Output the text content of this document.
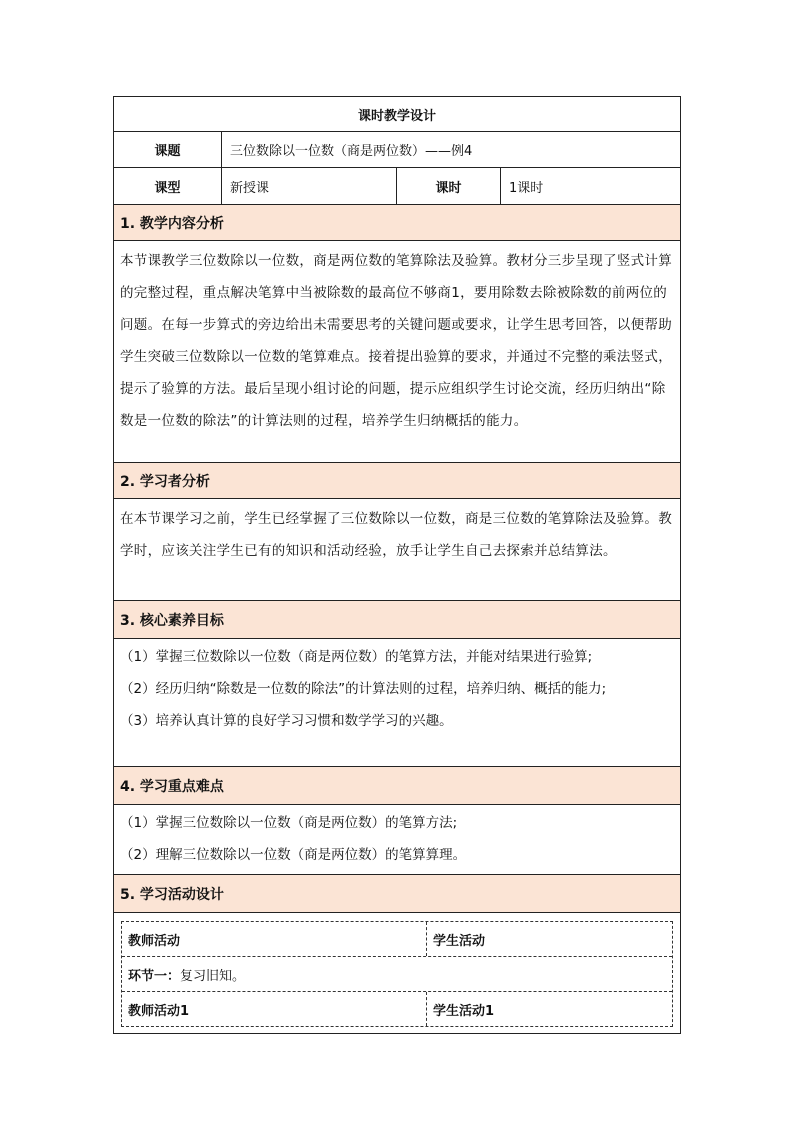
课时教学设计
课题	三位数除以一位数（商是两位数）——例4
课型	新授课	课时	1课时
1. 教学内容分析

本节课教学三位数除以一位数，商是两位数的笔算除法及验算。教材分三步呈现了竖式计算的完整过程，重点解决笔算中当被除数的最高位不够商1，要用除数去除被除数的前两位的问题。在每一步算式的旁边给出未需要思考的关键问题或要求，让学生思考回答，以便帮助学生突破三位数除以一位数的笔算难点。接着提出验算的要求，并通过不完整的乘法竖式，提示了验算的方法。最后呈现小组讨论的问题，提示应组织学生讨论交流，经历归纳出“除数是一位数的除法”的计算法则的过程，培养学生归纳概括的能力。

2. 学习者分析

在本节课学习之前，学生已经掌握了三位数除以一位数，商是三位数的笔算除法及验算。教学时，应该关注学生已有的知识和活动经验，放手让学生自己去探索并总结算法。

3. 核心素养目标

（1）掌握三位数除以一位数（商是两位数）的笔算方法，并能对结果进行验算;

（2）经历归纳“除数是一位数的除法”的计算法则的过程，培养归纳、概括的能力;

（3）培养认真计算的良好学习习惯和数学学习的兴趣。

4. 学习重点难点

（1）掌握三位数除以一位数（商是两位数）的笔算方法;

（2）理解三位数除以一位数（商是两位数）的笔算算理。

5. 学习活动设计
教师活动	学生活动
环节一： 复习旧知。
教师活动1	学生活动1
